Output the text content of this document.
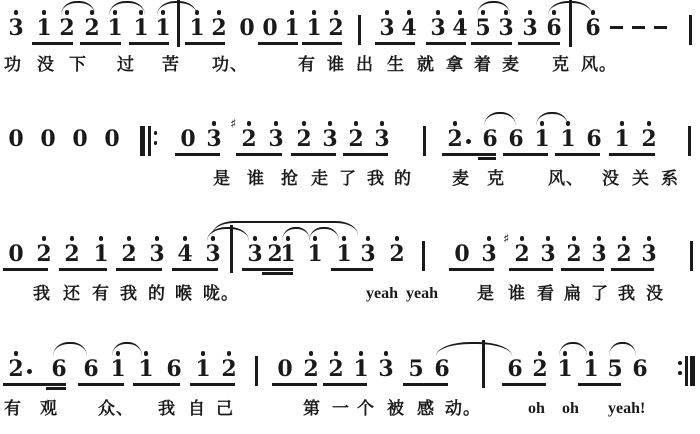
3 1 2 2 1 1 1 1 2 0 0 1 1 2 3 4 3 4 5 3 3 6 6
功 没 下 过 苦 功、	有 谁 出 生 就 拿 着 麦 克 风。
0 0 0 0	0 3 2
♯
3 2 3 2 3	2 6 6 1 1 6 1 2
是 谁 抢 走 了 我 的 麦 克	风、 没 关 系
0 2 2 1 2 3 4 3 3 2
1 1 1 3 2 0 3 2
♯
3 2 3 2 3
我 还 有 我 的 喉 咙。	yeah yeah 是 谁 看 扁 了 我 没
2 6 6 1 1 6 1 2 0 2 2 1 3 5 6	6 2 1 1 5 6
有 观 众、 我 自 己	第 一 个 被 感 动。	oh oh yeah!
